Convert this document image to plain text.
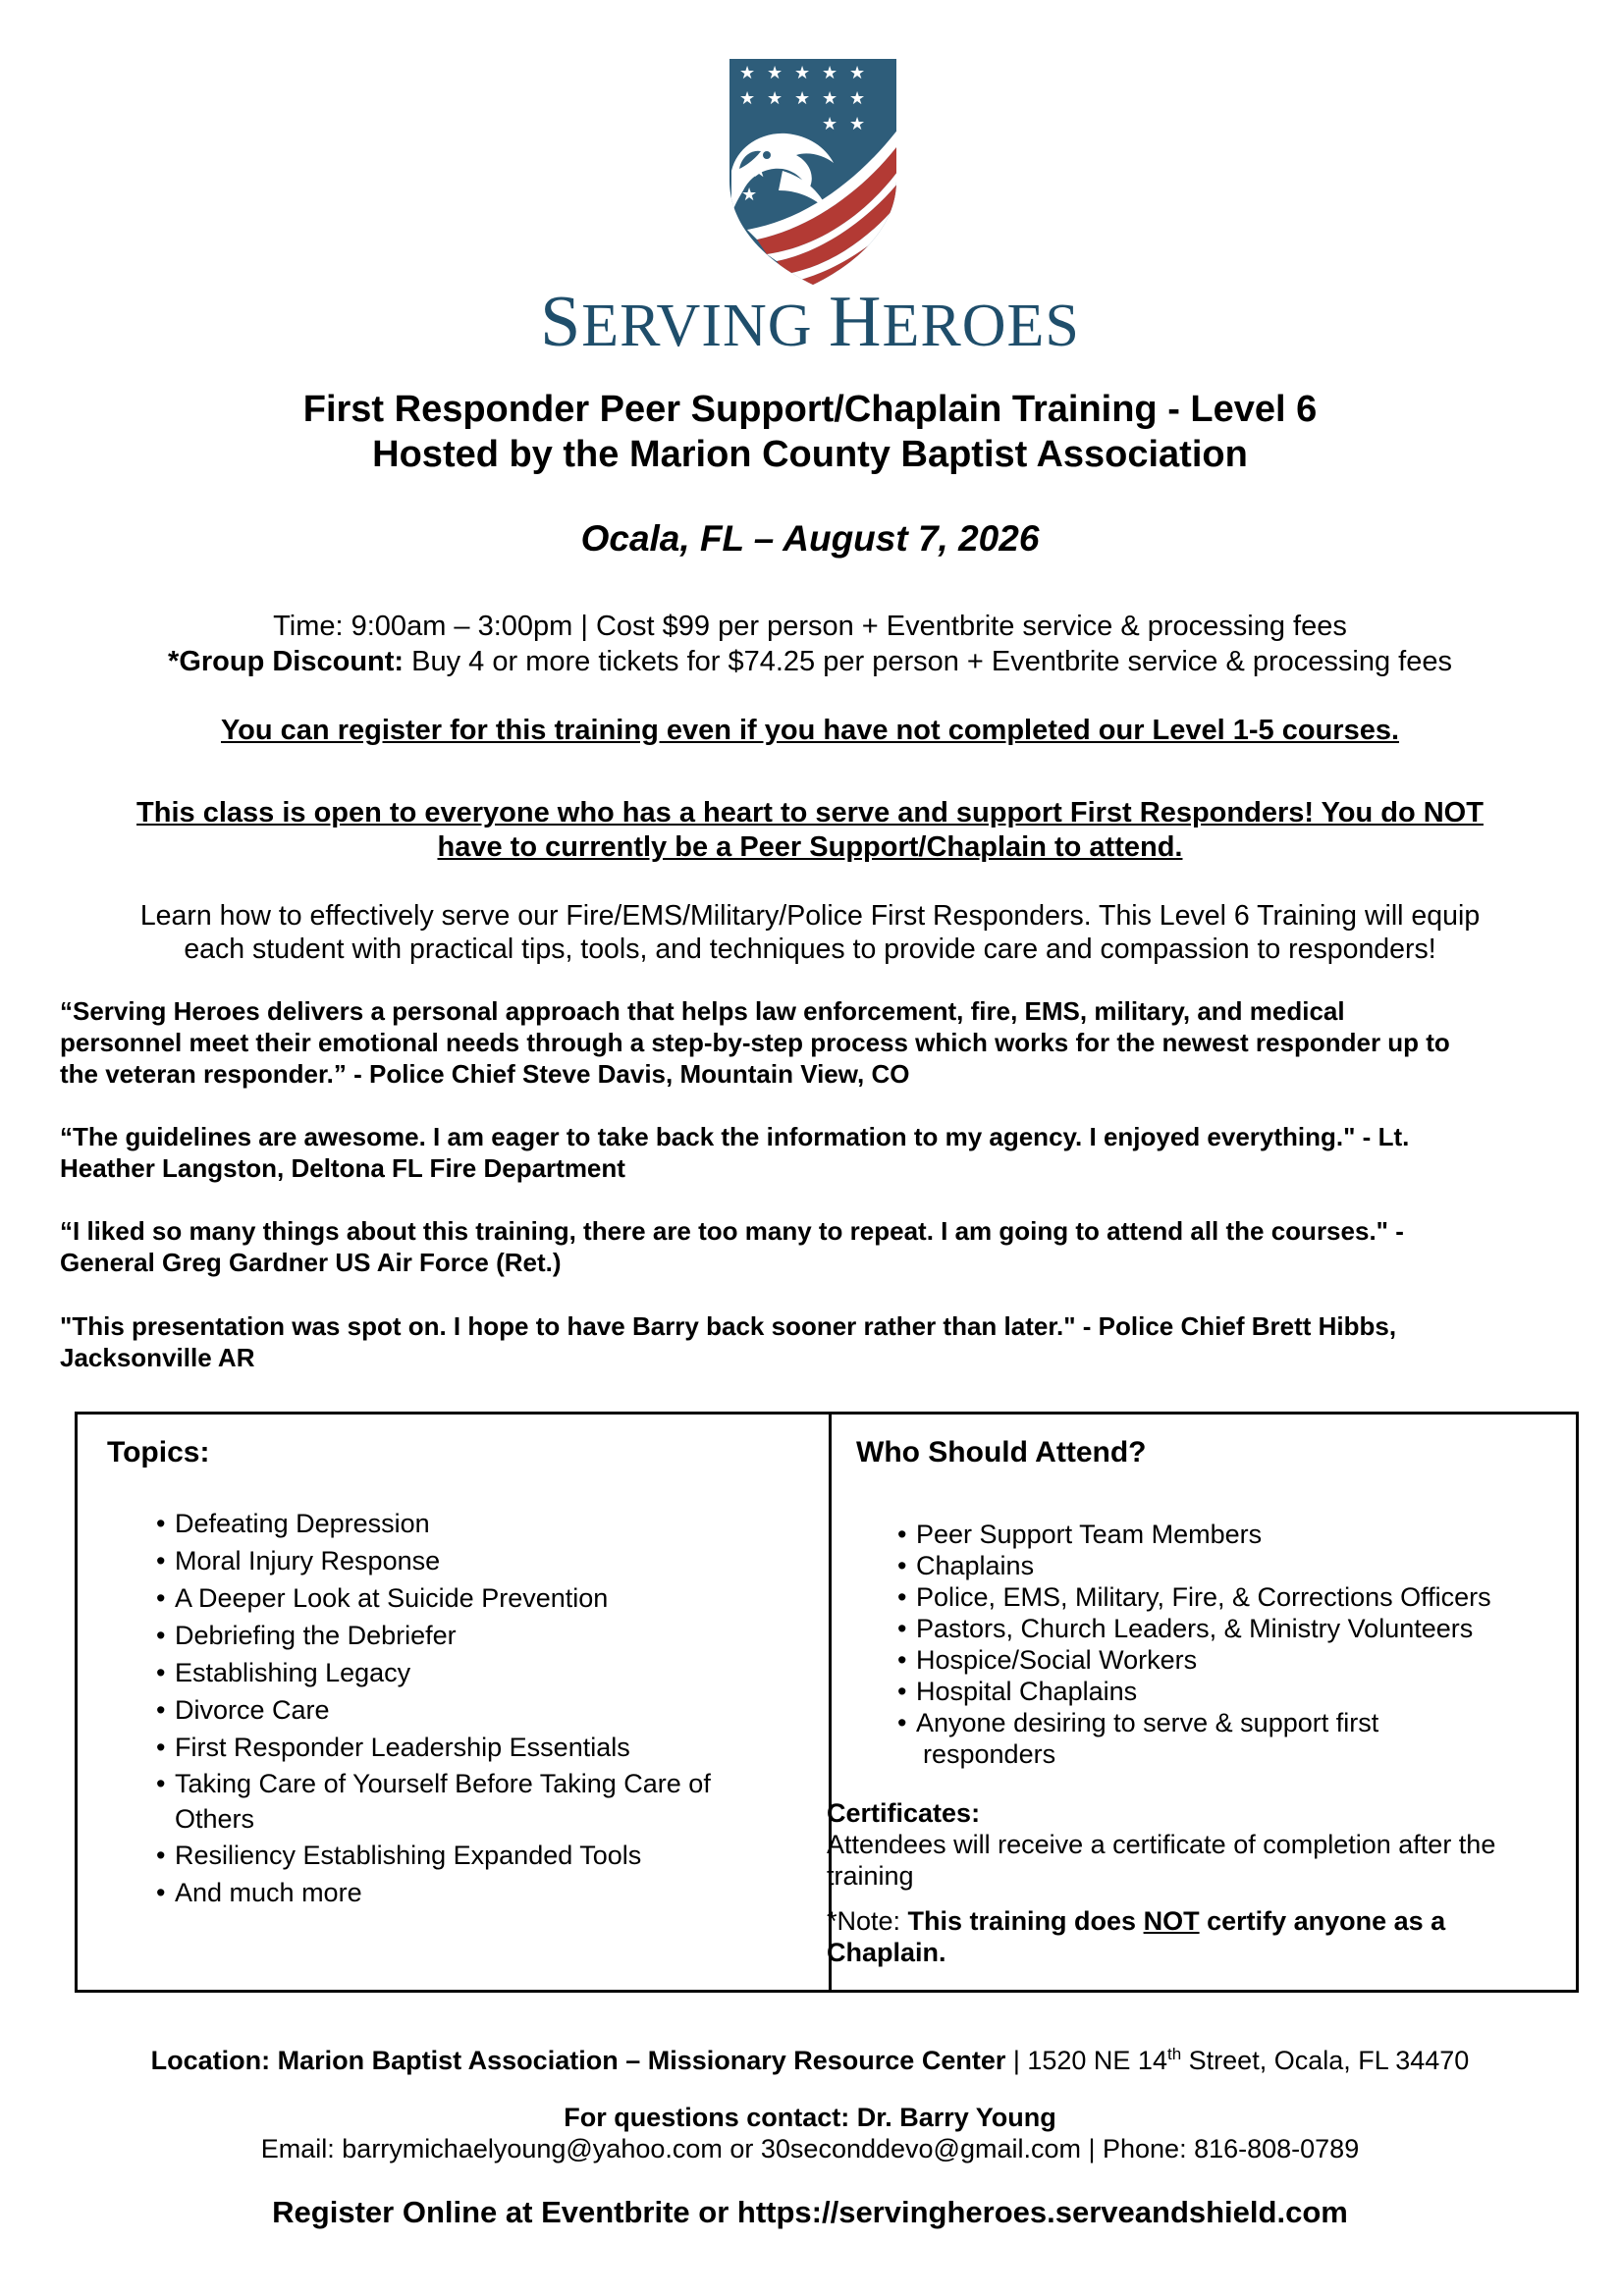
★ ★ ★ ★ ★
★ ★ ★ ★ ★
★ ★
★ ★
★
SERVING HEROES
First Responder Peer Support/Chaplain Training - Level 6
Hosted by the Marion County Baptist Association
Ocala, FL – August 7, 2026
Time: 9:00am – 3:00pm | Cost $99 per person + Eventbrite service & processing fees
*Group Discount: Buy 4 or more tickets for $74.25 per person + Eventbrite service & processing fees
You can register for this training even if you have not completed our Level 1-5 courses.
This class is open to everyone who has a heart to serve and support First Responders! You do NOT
have to currently be a Peer Support/Chaplain to attend.
Learn how to effectively serve our Fire/EMS/Military/Police First Responders. This Level 6 Training will equip
each student with practical tips, tools, and techniques to provide care and compassion to responders!
“Serving Heroes delivers a personal approach that helps law enforcement, fire, EMS, military, and medical
personnel meet their emotional needs through a step-by-step process which works for the newest responder up to
the veteran responder.” - Police Chief Steve Davis, Mountain View, CO
“The guidelines are awesome. I am eager to take back the information to my agency. I enjoyed everything." - Lt.
Heather Langston, Deltona FL Fire Department
“I liked so many things about this training, there are too many to repeat. I am going to attend all the courses." -
General Greg Gardner US Air Force (Ret.)
"This presentation was spot on. I hope to have Barry back sooner rather than later." - Police Chief Brett Hibbs,
Jacksonville AR
Topics:
• Defeating Depression
• Moral Injury Response
• A Deeper Look at Suicide Prevention
• Debriefing the Debriefer
• Establishing Legacy
• Divorce Care
• First Responder Leadership Essentials
• Taking Care of Yourself Before Taking Care of
Others
• Resiliency Establishing Expanded Tools
• And much more
Who Should Attend?
• Peer Support Team Members
• Chaplains
• Police, EMS, Military, Fire, & Corrections Officers
• Pastors, Church Leaders, & Ministry Volunteers
• Hospice/Social Workers
• Hospital Chaplains
• Anyone desiring to serve & support first
responders
Certificates:
Attendees will receive a certificate of completion after the
training
*Note: This training does NOT certify anyone as a
Chaplain.
Location: Marion Baptist Association – Missionary Resource Center | 1520 NE 14th Street, Ocala, FL 34470
For questions contact: Dr. Barry Young
Email: barrymichaelyoung@yahoo.com or 30seconddevo@gmail.com | Phone: 816-808-0789
Register Online at Eventbrite or https://servingheroes.serveandshield.com
